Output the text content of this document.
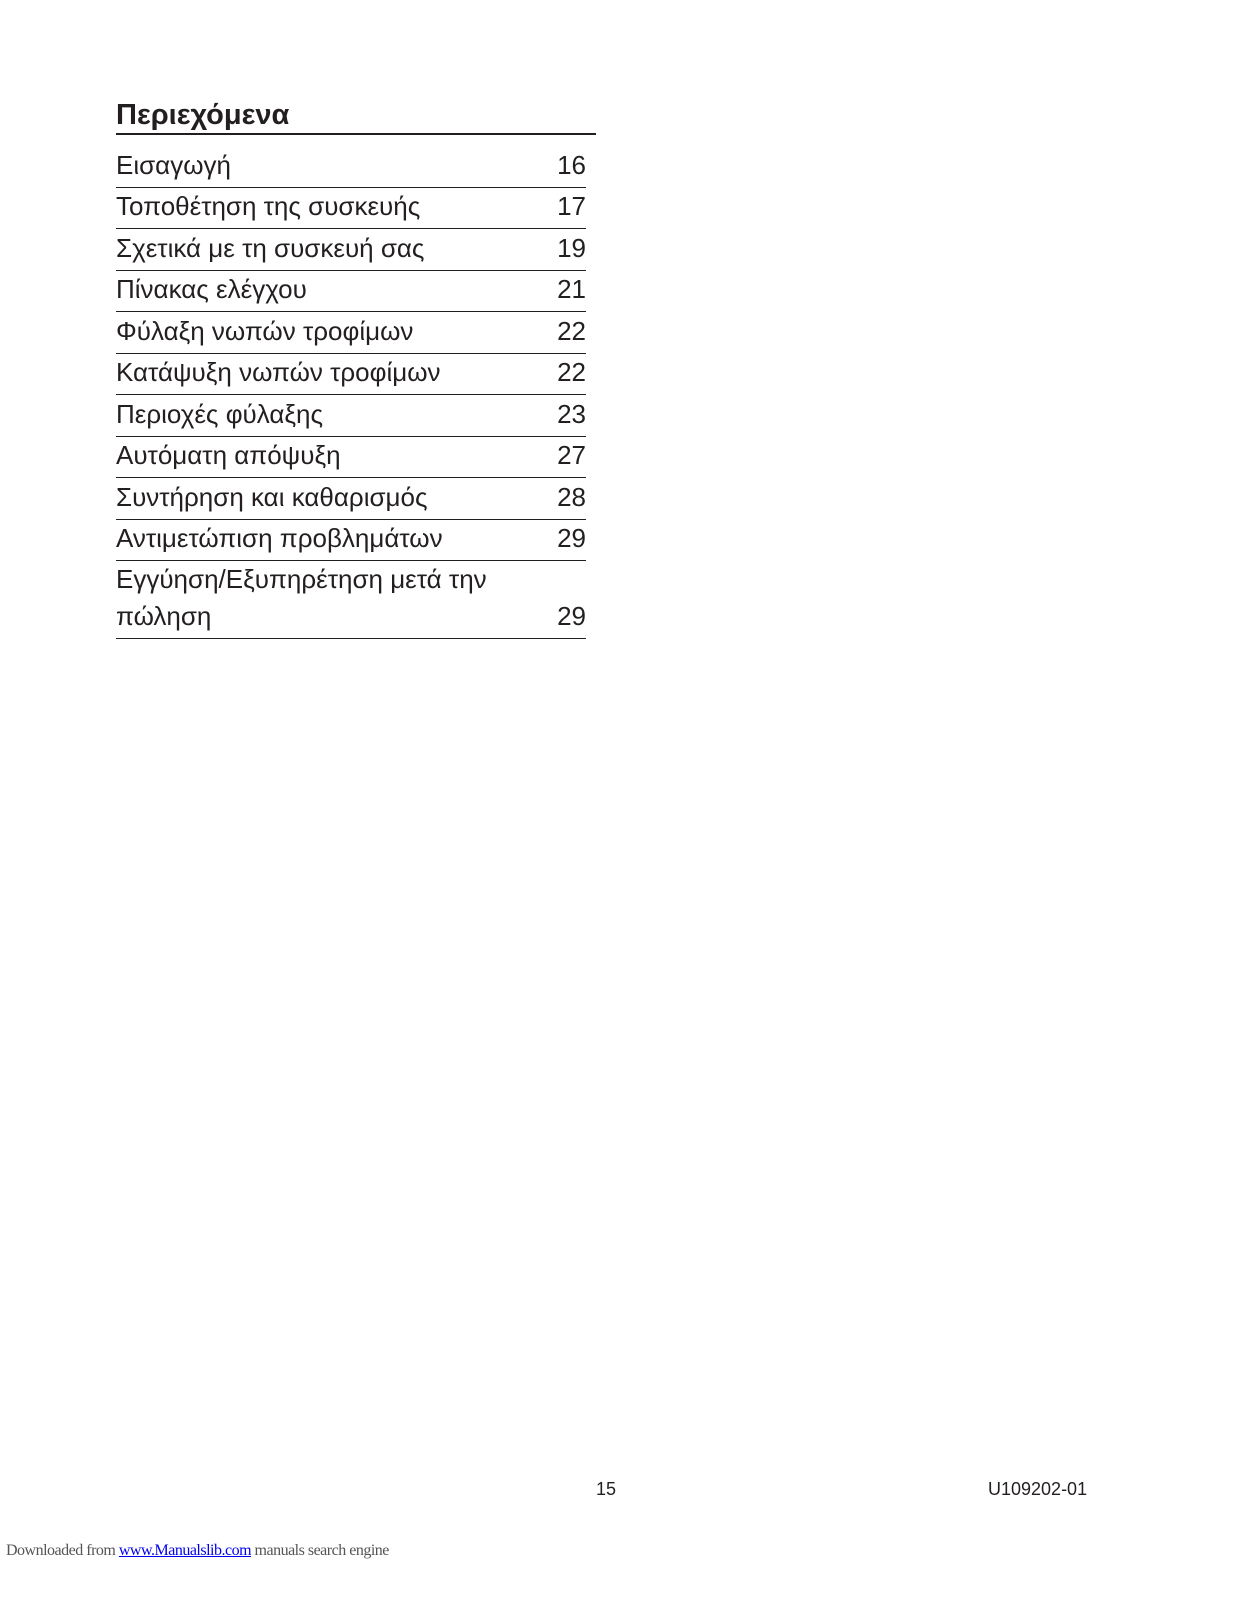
Περιεχόμενα
Εισαγωγή	16
Τοποθέτηση της συσκευής	17
Σχετικά με τη συσκευή σας	19
Πίνακας ελέγχου	21
Φύλαξη νωπών τροφίμων	22
Κατάψυξη νωπών τροφίμων	22
Περιοχές φύλαξης	23
Αυτόματη απόψυξη	27
Συντήρηση και καθαρισμός	28
Αντιμετώπιση προβλημάτων	29
Εγγύηση/Εξυπηρέτηση μετά την πώληση	29
15	U109202-01
Downloaded from www.Manualslib.com manuals search engine
